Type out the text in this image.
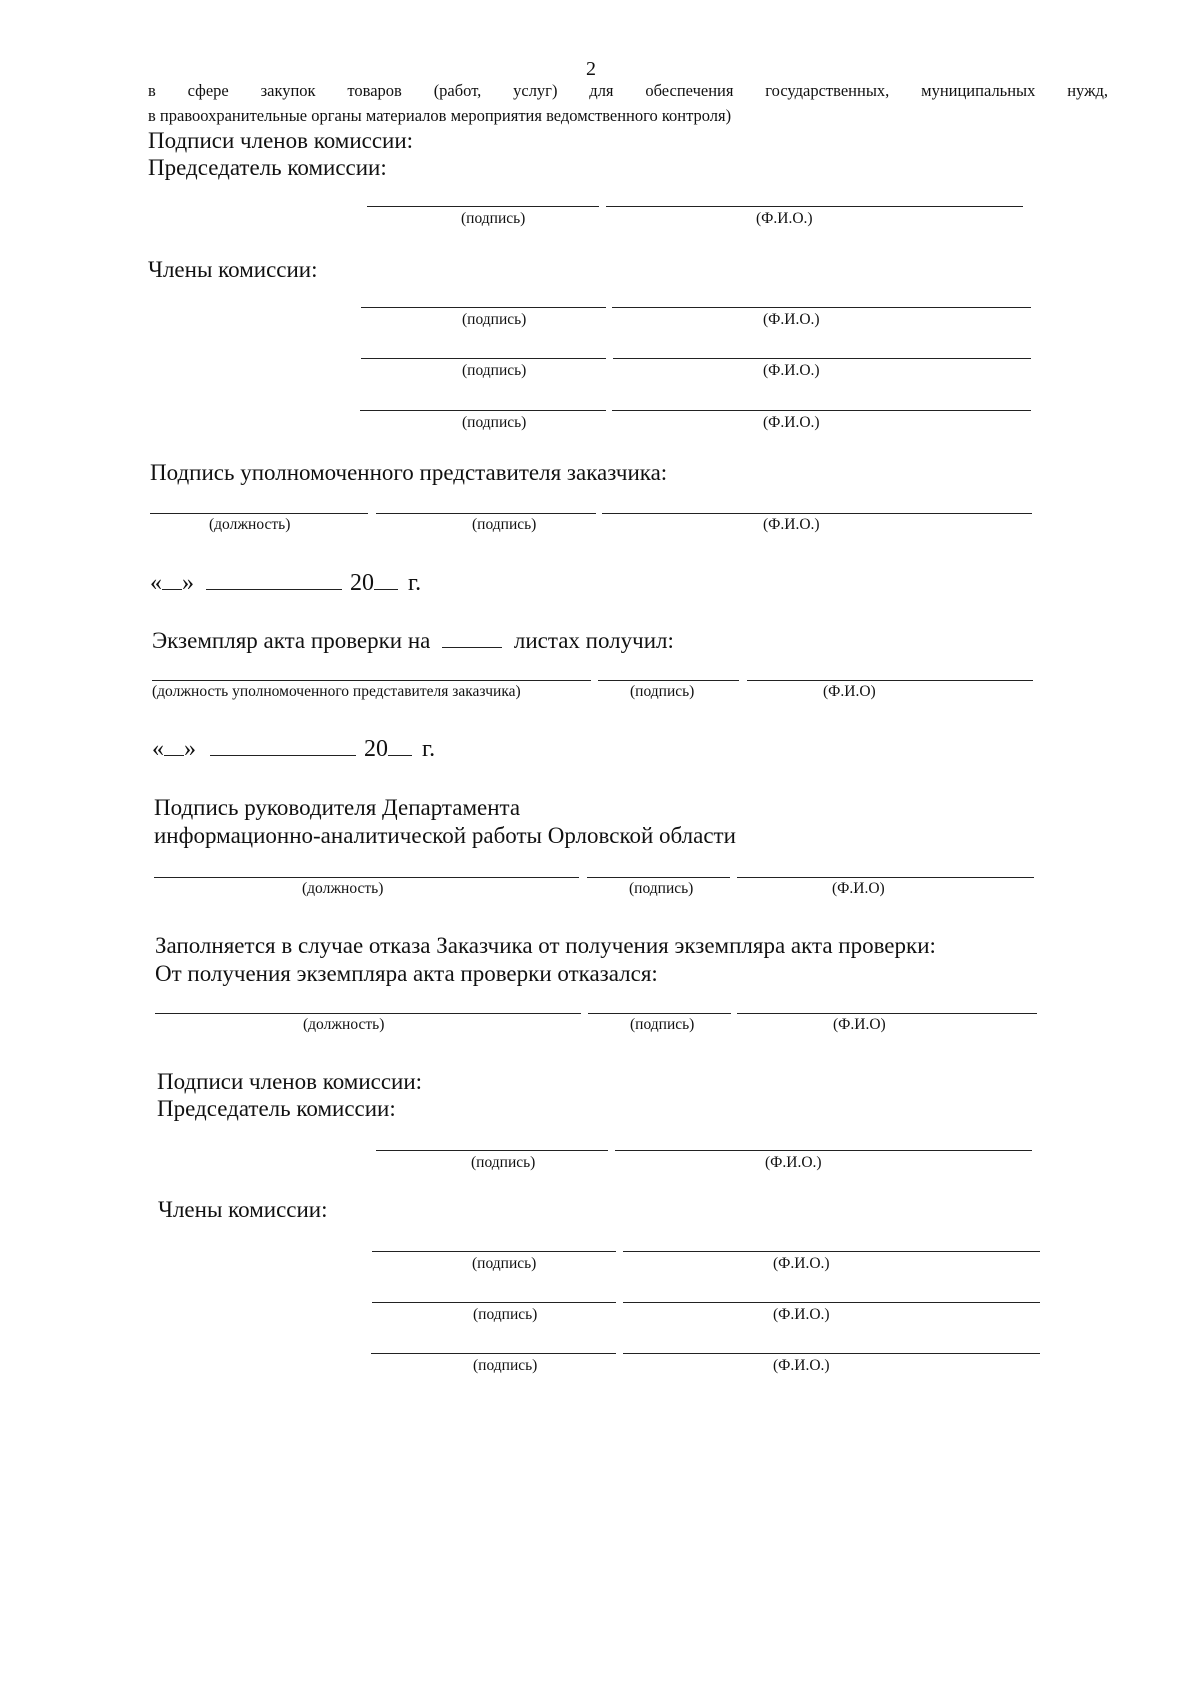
2
в сфере закупок товаров (работ, услуг) для обеспечения государственных, муниципальных нужд,
в правоохранительные органы материалов мероприятия ведомственного контроля)
Подписи членов комиссии:
Председатель комиссии:
(подпись)	(Ф.И.О.)
Члены комиссии:
(подпись)	(Ф.И.О.)
(подпись)	(Ф.И.О.)
(подпись)	(Ф.И.О.)
Подпись уполномоченного представителя заказчика:
(должность)	(подпись)	(Ф.И.О.)
« »	20 г.
Экземпляр акта проверки на	листах получил:
(должность уполномоченного представителя заказчика)	(подпись)	(Ф.И.О)
« »	20 г.
Подпись руководителя Департамента
информационно-аналитической работы Орловской области
(должность)	(подпись)	(Ф.И.О)
Заполняется в случае отказа Заказчика от получения экземпляра акта проверки:
От получения экземпляра акта проверки отказался:
(должность)	(подпись)	(Ф.И.О)
Подписи членов комиссии:
Председатель комиссии:
(подпись)	(Ф.И.О.)
Члены комиссии:
(подпись)	(Ф.И.О.)
(подпись)	(Ф.И.О.)
(подпись)	(Ф.И.О.)
